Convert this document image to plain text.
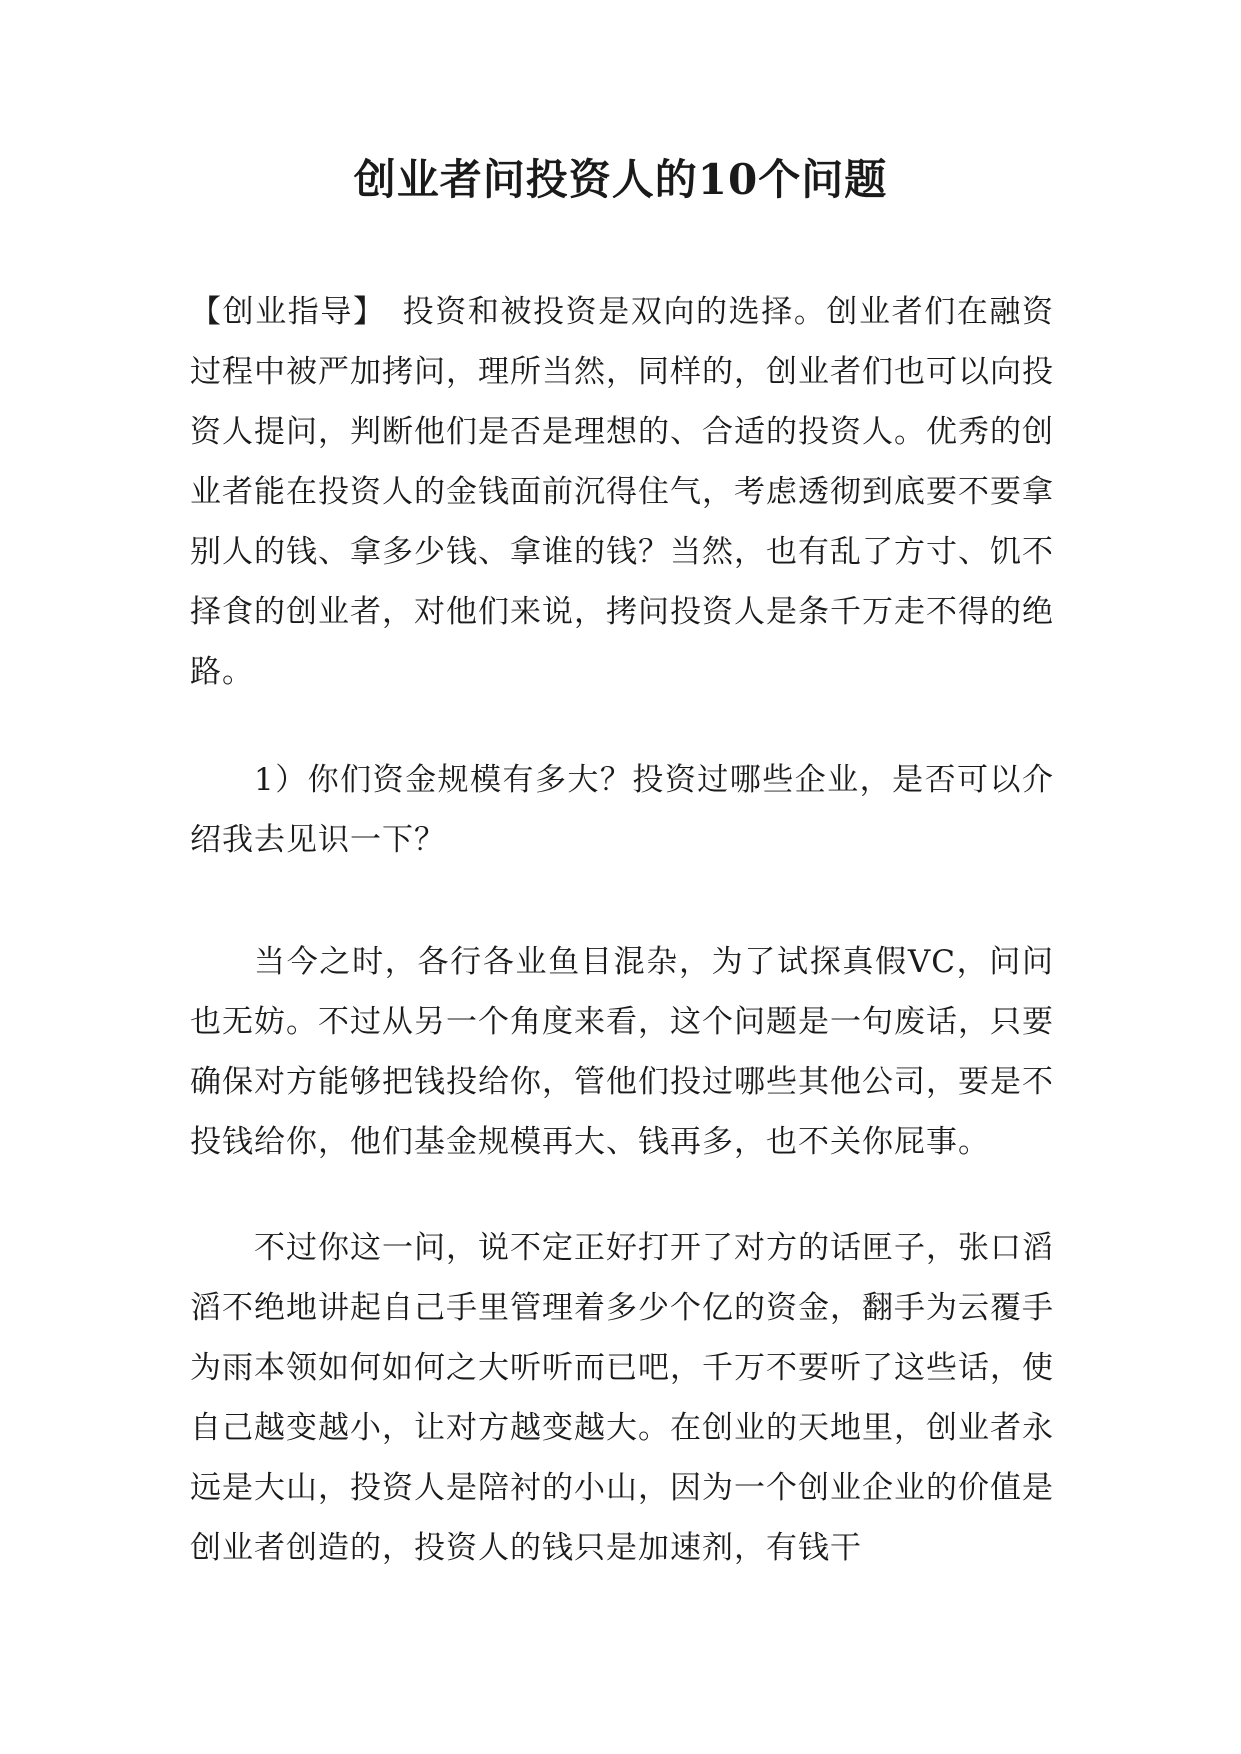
创业者问投资人的10个问题

【创业指导】　投资和被投资是双向的选择。创业者们在融资过程中被严加拷问，理所当然，同样的，创业者们也可以向投资人提问，判断他们是否是理想的、合适的投资人。优秀的创业者能在投资人的金钱面前沉得住气，考虑透彻到底要不要拿别人的钱、拿多少钱、拿谁的钱？当然，也有乱了方寸、饥不择食的创业者，对他们来说，拷问投资人是条千万走不得的绝路。

1）你们资金规模有多大？投资过哪些企业，是否可以介绍我去见识一下？

当今之时，各行各业鱼目混杂，为了试探真假VC，问问也无妨。不过从另一个角度来看，这个问题是一句废话，只要确保对方能够把钱投给你，管他们投过哪些其他公司，要是不投钱给你，他们基金规模再大、钱再多，也不关你屁事。

不过你这一问，说不定正好打开了对方的话匣子，张口滔滔不绝地讲起自己手里管理着多少个亿的资金，翻手为云覆手为雨本领如何如何之大听听而已吧，千万不要听了这些话，使自己越变越小，让对方越变越大。在创业的天地里，创业者永远是大山，投资人是陪衬的小山，因为一个创业企业的价值是创业者创造的，投资人的钱只是加速剂，有钱干
